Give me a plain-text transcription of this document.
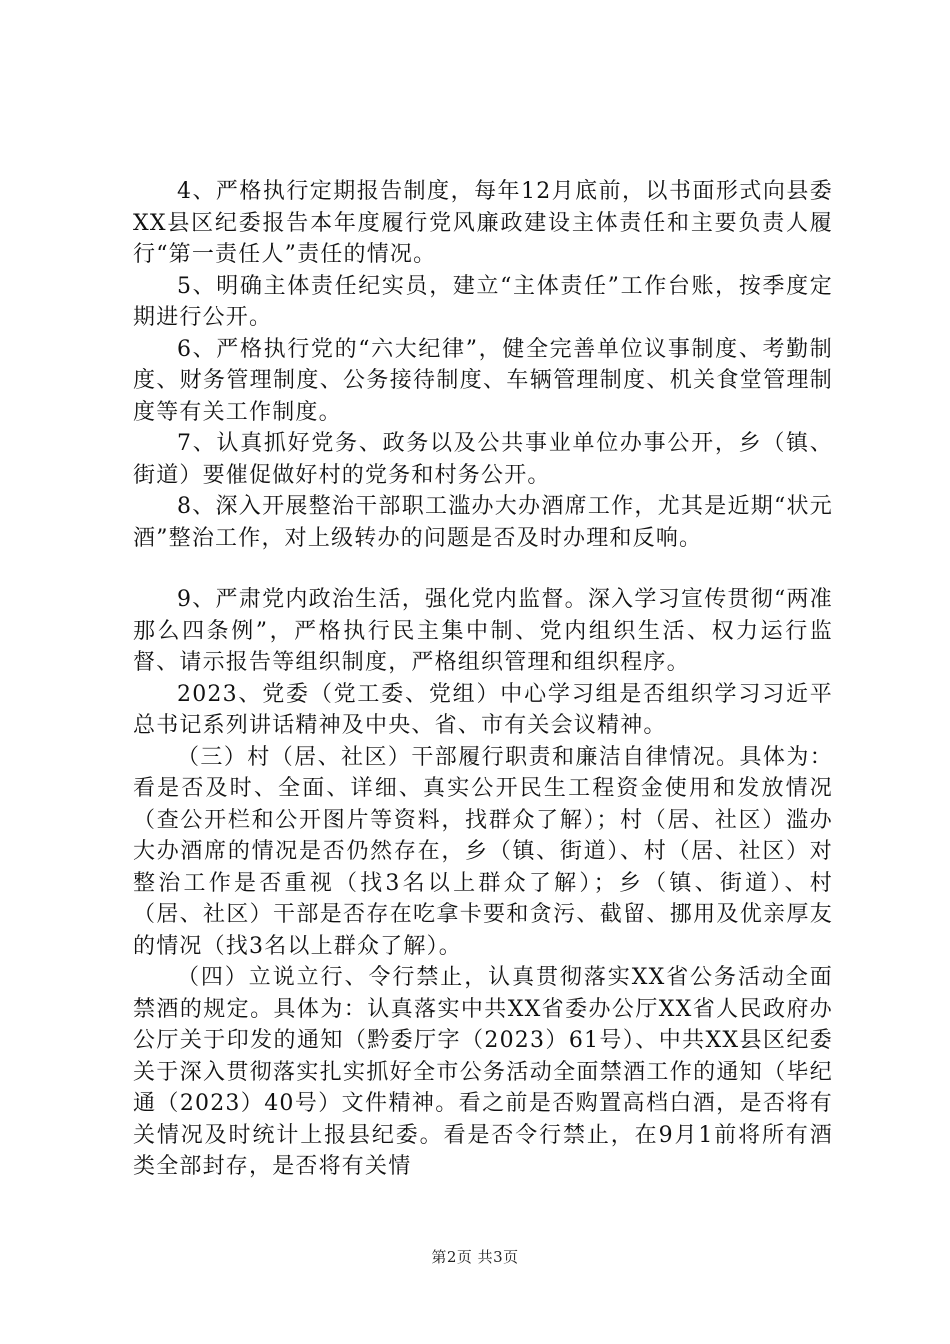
4、严格执行定期报告制度，每年12月底前，以书面形式向县委XX县区纪委报告本年度履行党风廉政建设主体责任和主要负责人履行“第一责任人”责任的情况。

5、明确主体责任纪实员，建立“主体责任”工作台账，按季度定期进行公开。

6、严格执行党的“六大纪律”，健全完善单位议事制度、考勤制度、财务管理制度、公务接待制度、车辆管理制度、机关食堂管理制度等有关工作制度。

7、认真抓好党务、政务以及公共事业单位办事公开，乡（镇、街道）要催促做好村的党务和村务公开。

8、深入开展整治干部职工滥办大办酒席工作，尤其是近期“状元酒”整治工作，对上级转办的问题是否及时办理和反响。

9、严肃党内政治生活，强化党内监督。深入学习宣传贯彻“两准那么四条例”，严格执行民主集中制、党内组织生活、权力运行监督、请示报告等组织制度，严格组织管理和组织程序。

2023、党委（党工委、党组）中心学习组是否组织学习习近平总书记系列讲话精神及中央、省、市有关会议精神。

（三）村（居、社区）干部履行职责和廉洁自律情况。具体为：看是否及时、全面、详细、真实公开民生工程资金使用和发放情况（查公开栏和公开图片等资料，找群众了解）；村（居、社区）滥办大办酒席的情况是否仍然存在，乡（镇、街道）、村（居、社区）对整治工作是否重视（找3名以上群众了解）；乡（镇、街道）、村（居、社区）干部是否存在吃拿卡要和贪污、截留、挪用及优亲厚友的情况（找3名以上群众了解）。

（四）立说立行、令行禁止，认真贯彻落实XX省公务活动全面禁酒的规定。具体为：认真落实中共XX省委办公厅XX省人民政府办公厅关于印发的通知（黔委厅字（2023）61号）、中共XX县区纪委关于深入贯彻落实扎实抓好全市公务活动全面禁酒工作的通知（毕纪通（2023）40号）文件精神。看之前是否购置高档白酒，是否将有关情况及时统计上报县纪委。看是否令行禁止，在9月1前将所有酒类全部封存，是否将有关情

第2页 共3页
